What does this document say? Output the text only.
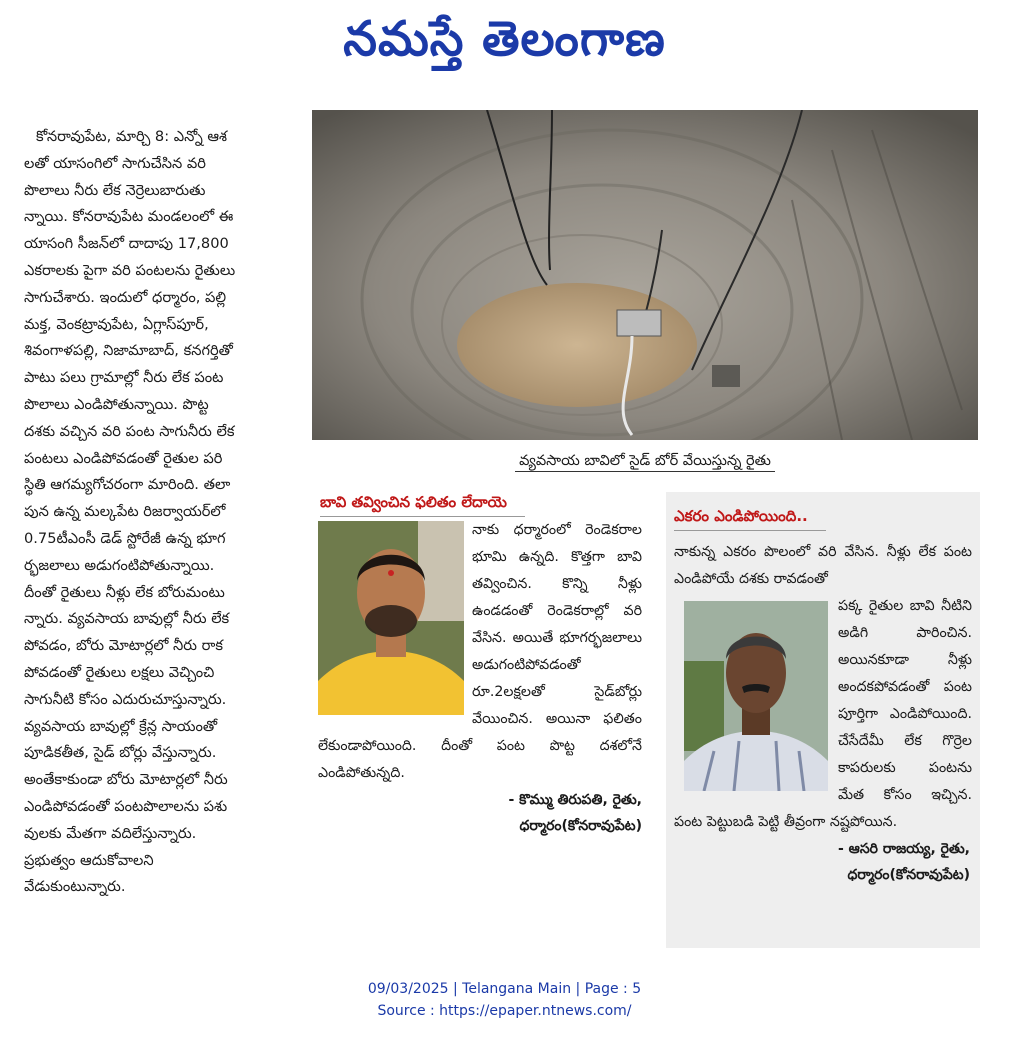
నమస్తే తెలంగాణ
కోనరావుపేట, మార్చి 8: ఎన్నో ఆశ
లతో యాసంగిలో సాగుచేసిన వరి
పొలాలు నీరు లేక నెర్రెలుబారుతు
న్నాయి. కోనరావుపేట మండలంలో ఈ
యాసంగి సీజన్‌లో దాదాపు 17,800
ఎకరాలకు పైగా వరి పంటలను రైతులు
సాగుచేశారు. ఇందులో ధర్మారం, పల్లి
మక్త, వెంకట్రావుపేట, ఏగ్లాస్‌పూర్,
శివంగాళపల్లి, నిజామాబాద్, కనగర్తితో
పాటు పలు గ్రామాల్లో నీరు లేక పంట
పొలాలు ఎండిపోతున్నాయి. పొట్ట
దశకు వచ్చిన వరి పంట సాగునీరు లేక
పంటలు ఎండిపోవడంతో రైతుల పరి
స్థితి ఆగమ్యగోచరంగా మారింది. తలా
పున ఉన్న మల్కపేట రిజర్వాయర్‌లో
0.75టీఎంసీ డెడ్ స్టోరేజీ ఉన్న భూగ
ర్భజలాలు అడుగంటిపోతున్నాయి.
దీంతో రైతులు నీళ్లు లేక బోరుమంటు
న్నారు. వ్యవసాయ బావుల్లో నీరు లేక
పోవడం, బోరు మోటార్లలో నీరు రాక
పోవడంతో రైతులు లక్షలు వెచ్చించి
సాగునీటి కోసం ఎదురుచూస్తున్నారు.
వ్యవసాయ బావుల్లో క్రేన్ల సాయంతో
పూడికతీత, సైడ్ బోర్లు వేస్తున్నారు.
అంతేకాకుండా బోరు మోటార్లలో నీరు
ఎండిపోవడంతో పంటపొలాలను పశు
వులకు మేతగా వదిలేస్తున్నారు.
ప్రభుత్వం ఆదుకోవాలని
వేడుకుంటున్నారు.
వ్యవసాయ బావిలో సైడ్ బోర్ వేయిస్తున్న రైతు
బావి తవ్వించిన ఫలితం లేదాయె
నాకు ధర్మారంలో రెండెకరాల భూమి ఉన్నది. కొత్తగా బావి తవ్వించిన. కొన్ని నీళ్లు ఉండడంతో రెండెకరాల్లో వరి వేసిన. అయితే భూగర్భజలాలు అడుగంటిపోవడంతో రూ.2లక్షలతో సైడ్‌బోర్లు వేయించిన. అయినా ఫలితం లేకుండాపోయింది. దీంతో పంట పొట్ట దశలోనే ఎండిపోతున్నది.
- కొమ్ము తిరుపతి, రైతు,
ధర్మారం(కోనరావుపేట)
ఎకరం ఎండిపోయింది..
నాకున్న ఎకరం పొలంలో వరి వేసిన. నీళ్లు లేక పంట ఎండిపోయే దశకు రావడంతో
పక్క రైతుల బావి నీటిని అడిగి పారించిన. అయినకూడా నీళ్లు అందకపోవడంతో పంట పూర్తిగా ఎండిపోయింది. చేసేదేమీ లేక గొర్రెల కాపరులకు పంటను మేత కోసం ఇచ్చిన. పంట పెట్టుబడి పెట్టి తీవ్రంగా నష్టపోయిన.
- ఆసరి రాజయ్య, రైతు,
ధర్మారం(కోనరావుపేట)
09/03/2025 | Telangana Main | Page : 5
Source : https://epaper.ntnews.com/
